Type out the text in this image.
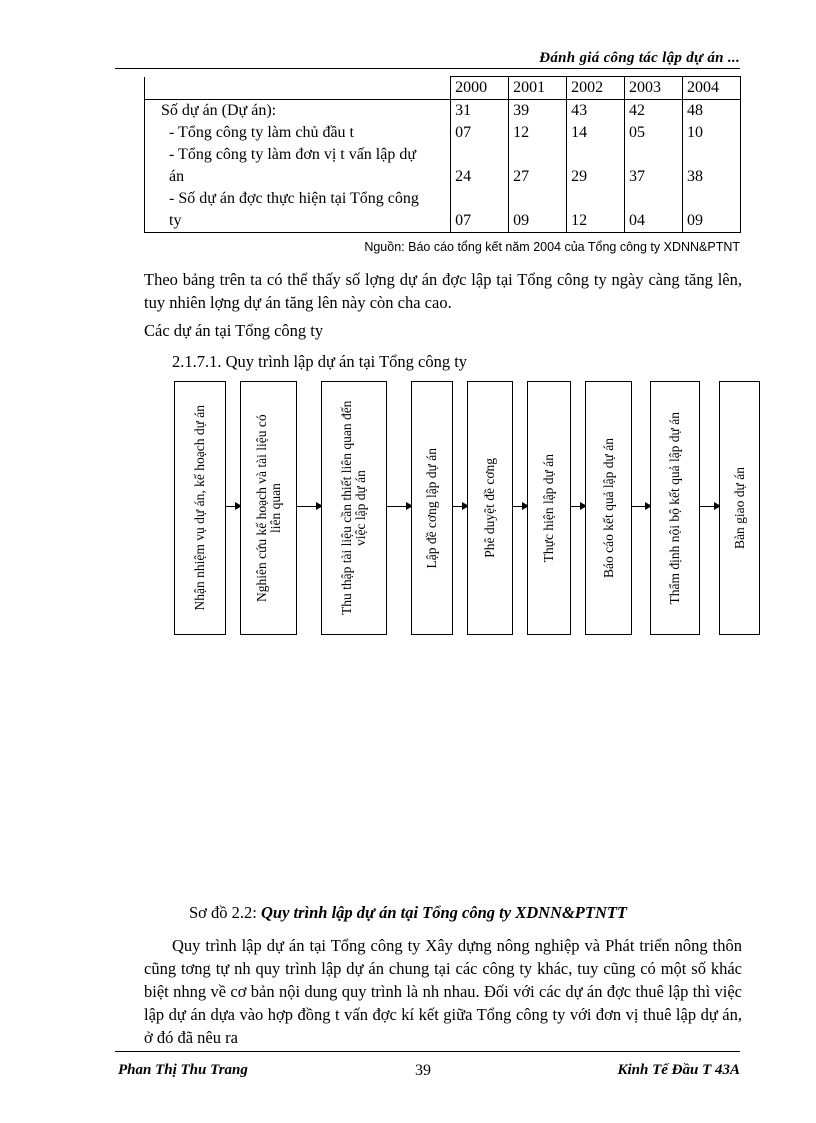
Đánh giá công tác lập dự án ...
	2000	2001	2002	2003	2004
Số dự án (Dự án):	31	39	43	42	48
- Tổng công ty làm chủ đầu t	07	12	14	05	10
- Tổng công ty làm đơn vị t vấn lập dự án	24	27	29	37	38
- Số dự án đợc thực hiện tại Tổng công ty	07	09	12	04	09
Nguồn: Báo cáo tổng kết năm 2004 của Tổng công ty XDNN&PTNT
Theo bảng trên ta có thể thấy số lợng dự án đợc lập tại Tổng công ty ngày càng tăng lên, tuy nhiên lợng dự án tăng lên này còn cha cao.
Các dự án tại Tổng công ty
2.1.7.1. Quy trình lập dự án tại Tổng công ty
Nhận nhiệm vụ dự án, kế hoạch dự án	Nghiên cứu kế hoạch và tài liệu có liên quan	Thu thập tài liệu cần thiết liên quan đến việc lập dự án	Lập đề cơng lập dự án	Phê duyệt đề cơng	Thực hiện lập dự án	Báo cáo kết quả lập dự án	Thẩm định nội bộ kết quả lập dự án	Bàn giao dự án
Sơ đồ 2.2: Quy trình lập dự án tại Tổng công ty XDNN&PTNTT
Quy trình lập dự án tại Tổng công ty Xây dựng nông nghiệp và Phát triển nông thôn cũng tơng tự nh quy trình lập dự án chung tại các công ty khác, tuy cũng có một số khác biệt nhng về cơ bản nội dung quy trình là nh nhau. Đối với các dự án đợc thuê lập thì việc lập dự án dựa vào hợp đồng t vấn đợc kí kết giữa Tổng công ty với đơn vị thuê lập dự án, ở đó đã nêu ra
Phan Thị Thu Trang	39	Kinh Tế Đầu T 43A
